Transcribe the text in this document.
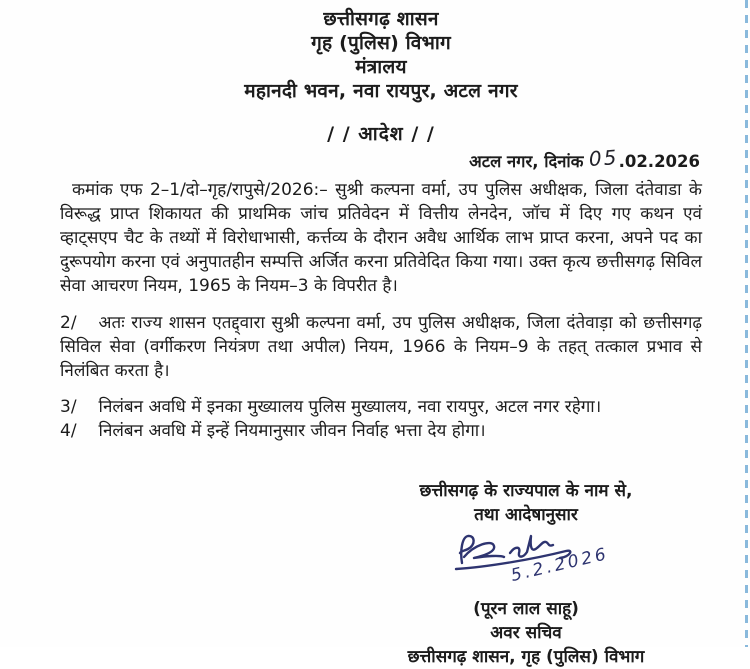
छत्तीसगढ़ शासन
गृह (पुलिस) विभाग
मंत्रालय
महानदी भवन, नवा रायपुर, अटल नगर
/ / आदेश / /
अटल नगर, दिनांक 05.02.2026

कमांक एफ 2–1/दो–गृह/रापुसे/2026:– सुश्री कल्पना वर्मा, उप पुलिस अधीक्षक, जिला दंतेवाडा के विरूद्ध प्राप्त शिकायत की प्राथमिक जांच प्रतिवेदन में वित्तीय लेनदेन, जॉच में दिए गए कथन एवं व्हाट्सएप चैट के तथ्यों में विरोधाभासी, कर्त्तव्य के दौरान अवैध आर्थिक लाभ प्राप्त करना, अपने पद का दुरूपयोग करना एवं अनुपातहीन सम्पत्ति अर्जित करना प्रतिवेदित किया गया। उक्त कृत्य छत्तीसगढ़ सिविल सेवा आचरण नियम, 1965 के नियम–3 के विपरीत है।

2/ अतः राज्य शासन एतद्द्वारा सुश्री कल्पना वर्मा, उप पुलिस अधीक्षक, जिला दंतेवाड़ा को छत्तीसगढ़ सिविल सेवा (वर्गीकरण नियंत्रण तथा अपील) नियम, 1966 के नियम–9 के तहत् तत्काल प्रभाव से निलंबित करता है।

3/ निलंबन अवधि में इनका मुख्यालय पुलिस मुख्यालय, नवा रायपुर, अटल नगर रहेगा।

4/ निलंबन अवधि में इन्हें नियमानुसार जीवन निर्वाह भत्ता देय होगा।

छत्तीसगढ़ के राज्यपाल के नाम से,
तथा आदेषानुसार
5.2.2026
(पूरन लाल साहू)
अवर सचिव
छत्तीसगढ़ शासन, गृह (पुलिस) विभाग
